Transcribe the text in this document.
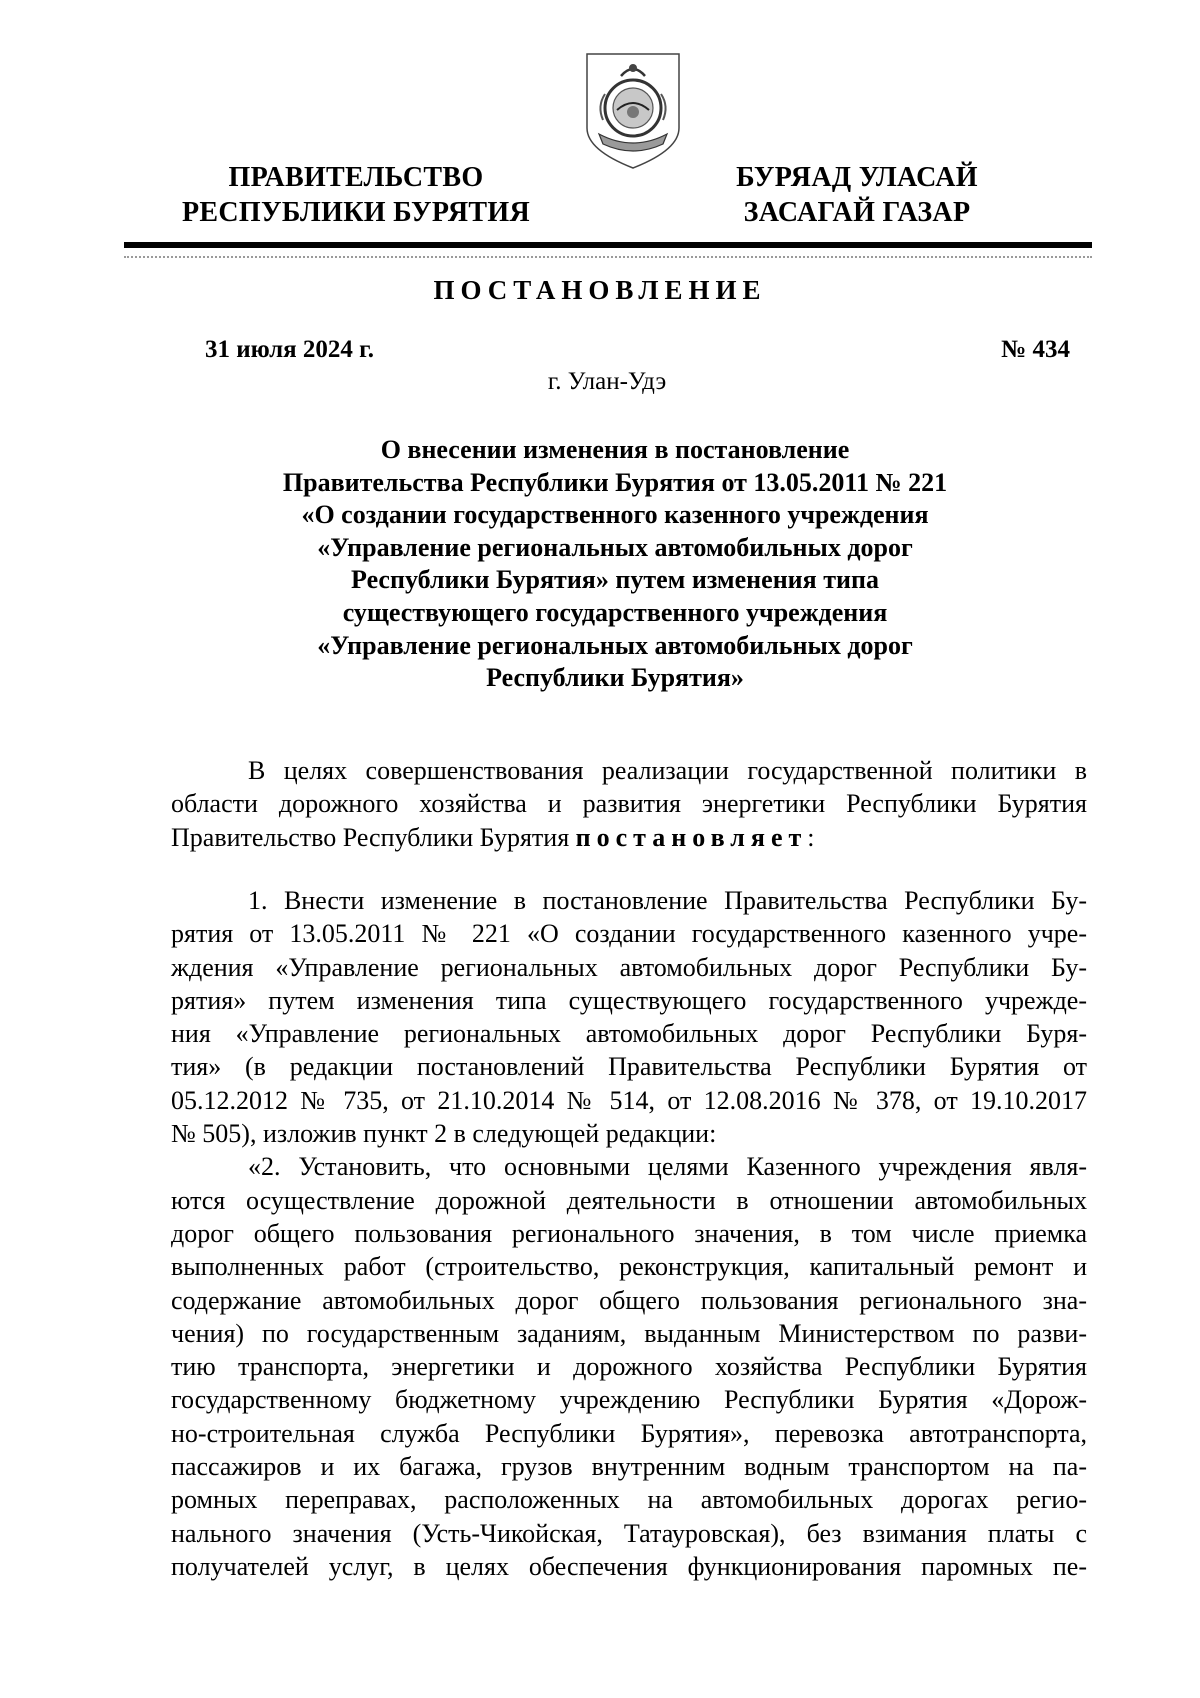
ПРАВИТЕЛЬСТВО
РЕСПУБЛИКИ БУРЯТИЯ
БУРЯАД УЛАСАЙ
ЗАСАГАЙ ГАЗАР
ПОСТАНОВЛЕНИЕ
31 июля 2024 г.	№ 434
г. Улан-Удэ
О внесении изменения в постановление
Правительства Республики Бурятия от 13.05.2011 № 221
«О создании государственного казенного учреждения
«Управление региональных автомобильных дорог
Республики Бурятия» путем изменения типа
существующего государственного учреждения
«Управление региональных автомобильных дорог
Республики Бурятия»
В целях совершенствования реализации государственной политики в
области дорожного хозяйства и развития энергетики Республики Бурятия
Правительство Республики Бурятия постановляет:
1. Внести изменение в постановление Правительства Республики Бу-
рятия от 13.05.2011 № 221 «О создании государственного казенного учре-
ждения «Управление региональных автомобильных дорог Республики Бу-
рятия» путем изменения типа существующего государственного учрежде-
ния «Управление региональных автомобильных дорог Республики Буря-
тия» (в редакции постановлений Правительства Республики Бурятия от
05.12.2012 № 735, от 21.10.2014 № 514, от 12.08.2016 № 378, от 19.10.2017
№ 505), изложив пункт 2 в следующей редакции:
«2. Установить, что основными целями Казенного учреждения явля-
ются осуществление дорожной деятельности в отношении автомобильных
дорог общего пользования регионального значения, в том числе приемка
выполненных работ (строительство, реконструкция, капитальный ремонт и
содержание автомобильных дорог общего пользования регионального зна-
чения) по государственным заданиям, выданным Министерством по разви-
тию транспорта, энергетики и дорожного хозяйства Республики Бурятия
государственному бюджетному учреждению Республики Бурятия «Дорож-
но-строительная служба Республики Бурятия», перевозка автотранспорта,
пассажиров и их багажа, грузов внутренним водным транспортом на па-
ромных переправах, расположенных на автомобильных дорогах регио-
нального значения (Усть-Чикойская, Татауровская), без взимания платы с
получателей услуг, в целях обеспечения функционирования паромных пе-
